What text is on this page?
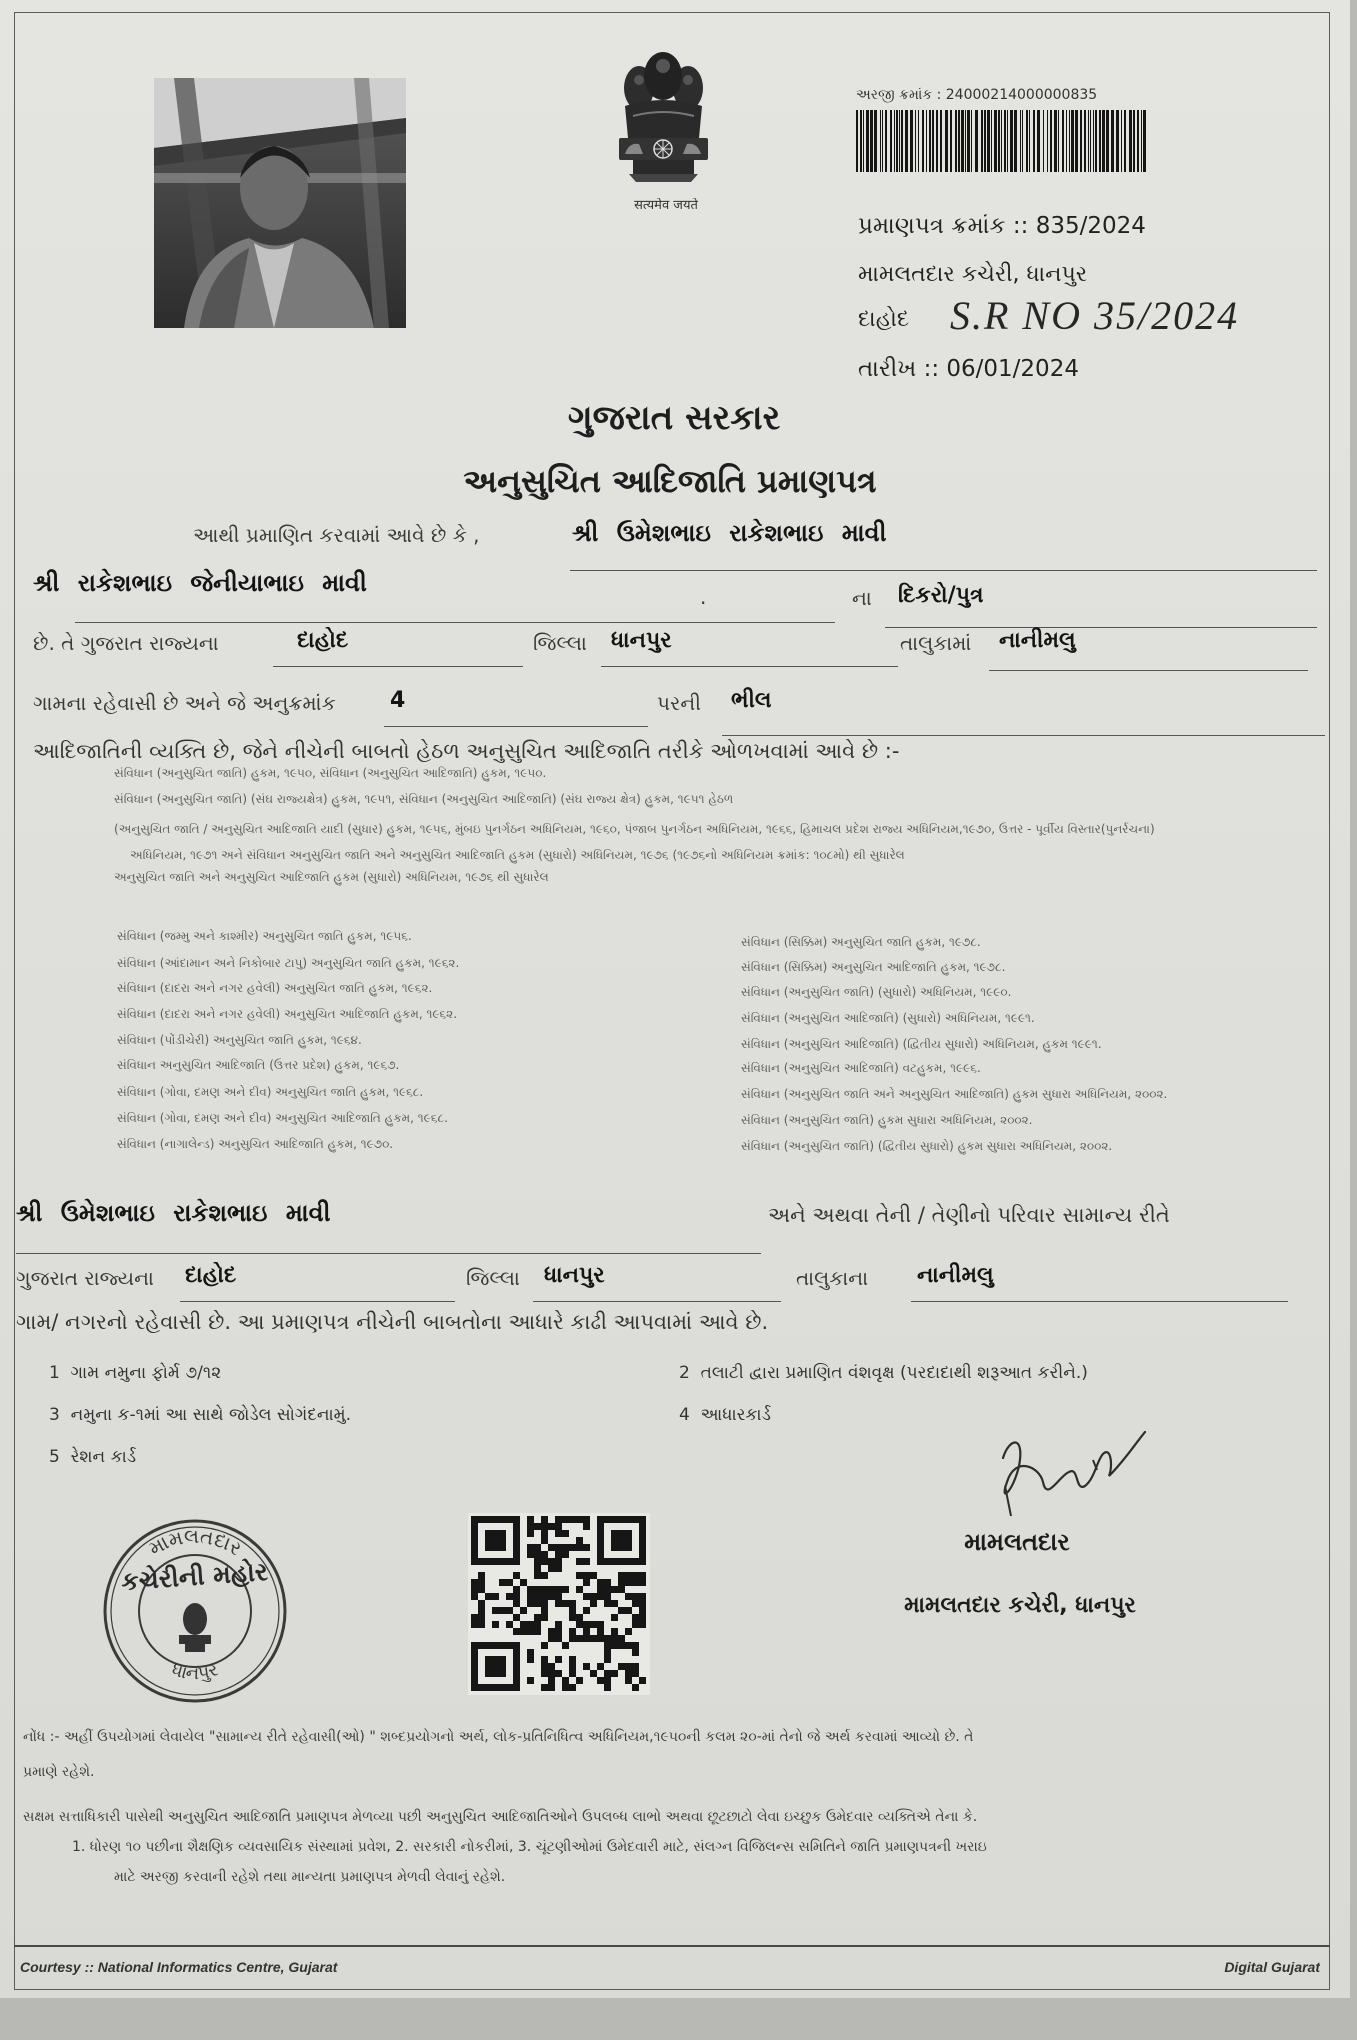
सत्यमेव जयते
અરજી ક્રમાંક : 24000214000000835
પ્રમાણપત્ર ક્રમાંક :: 835/2024
મામલતદાર કચેરી, ધાનપુર
દાહોદ	S.R NO 35/2024
તારીખ :: 06/01/2024
ગુજરાત સરકાર
અનુસુચિત આદિજાતિ પ્રમાણપત્ર
આથી પ્રમાણિત કરવામાં આવે છે કે ,	શ્રી ઉમેશભાઇ રાકેશભાઇ માવી
શ્રી રાકેશભાઇ જેનીયાભાઇ માવી	.	ના	દિકરો/પુત્ર
છે. તે ગુજરાત રાજ્યના	દાહોદ	જિલ્લા	ધાનપુર	તાલુકામાં	નાનીમલુ
ગામના રહેવાસી છે અને જે અનુક્રમાંક	4	પરની	ભીલ
આદિજાતિની વ્યક્તિ છે, જેને નીચેની બાબતો હેઠળ અનુસુચિત આદિજાતિ તરીકે ઓળખવામાં આવે છે :-
સંવિધાન (અનુસુચિત જાતિ) હુકમ, ૧૯૫૦, સંવિધાન (અનુસુચિત આદિજાતિ) હુકમ, ૧૯૫૦.
સંવિધાન (અનુસુચિત જાતિ) (સંઘ રાજ્યક્ષેત્ર) હુકમ, ૧૯૫૧, સંવિધાન (અનુસુચિત આદિજાતિ) (સંઘ રાજ્ય ક્ષેત્ર) હુકમ, ૧૯૫૧ હેઠળ
(અનુસુચિત જાતિ / અનુસુચિત આદિજાતિ યાદી (સુધાર) હુકમ, ૧૯૫૬, મુંબઇ પુનર્ગઠન અધિનિયમ, ૧૯૬૦, પંજાબ પુનર્ગઠન અધિનિયમ, ૧૯૬૬, હિમાચલ પ્રદેશ રાજ્ય અધિનિયમ,૧૯૭૦, ઉત્તર - પૂર્વીય વિસ્તાર(પુનર્રચના)
અધિનિયમ, ૧૯૭૧ અને સંવિધાન અનુસુચિત જાતિ અને અનુસુચિત આદિજાતિ હુકમ (સુધારો) અધિનિયમ, ૧૯૭૬ (૧૯૭૬નો અધિનિયમ ક્રમાંક: ૧૦૮મો) થી સુધારેલ
અનુસુચિત જાતિ અને અનુસુચિત આદિજાતિ હુકમ (સુધારો) અધિનિયમ, ૧૯૭૬ થી સુધારેલ
સંવિધાન (જમ્મુ અને કાશ્મીર) અનુસુચિત જાતિ હુકમ, ૧૯૫૬.
સંવિધાન (આંદામાન અને નિકોબાર ટાપુ) અનુસુચિત જાતિ હુકમ, ૧૯૬૨.
સંવિધાન (દાદરા અને નગર હવેલી) અનુસુચિત જાતિ હુકમ, ૧૯૬૨.
સંવિધાન (દાદરા અને નગર હવેલી) અનુસુચિત આદિજાતિ હુકમ, ૧૯૬૨.
સંવિધાન (પોંડીચેરી) અનુસુચિત જાતિ હુકમ, ૧૯૬૪.
સંવિધાન અનુસુચિત આદિજાતિ (ઉત્તર પ્રદેશ) હુકમ, ૧૯૬૭.
સંવિધાન (ગોવા, દમણ અને દીવ) અનુસુચિત જાતિ હુકમ, ૧૯૬૮.
સંવિધાન (ગોવા, દમણ અને દીવ) અનુસુચિત આદિજાતિ હુકમ, ૧૯૬૮.
સંવિધાન (નાગાલેન્ડ) અનુસુચિત આદિજાતિ હુકમ, ૧૯૭૦.
સંવિધાન (સિક્કિમ) અનુસુચિત જાતિ હુકમ, ૧૯૭૮.
સંવિધાન (સિક્કિમ) અનુસુચિત આદિજાતિ હુકમ, ૧૯૭૮.
સંવિધાન (અનુસુચિત જાતિ) (સુધારો) અધિનિયમ, ૧૯૯૦.
સંવિધાન (અનુસુચિત આદિજાતિ) (સુધારો) અધિનિયમ, ૧૯૯૧.
સંવિધાન (અનુસુચિત આદિજાતિ) (દ્વિતીય સુધારો) અધિનિયમ, હુકમ ૧૯૯૧.
સંવિધાન (અનુસુચિત આદિજાતિ) વટહુકમ, ૧૯૯૬.
સંવિધાન (અનુસુચિત જાતિ અને અનુસુચિત આદિજાતિ) હુકમ સુધારા અધિનિયમ, ૨૦૦૨.
સંવિધાન (અનુસુચિત જાતિ) હુકમ સુધારા અધિનિયમ, ૨૦૦૨.
સંવિધાન (અનુસુચિત જાતિ) (દ્વિતીય સુધારો) હુકમ સુધારા અધિનિયમ, ૨૦૦૨.
શ્રી ઉમેશભાઇ રાકેશભાઇ માવી	અને અથવા તેની / તેણીનો પરિવાર સામાન્ય રીતે
ગુજરાત રાજ્યના	દાહોદ	જિલ્લા	ધાનપુર	તાલુકાના	નાનીમલુ
ગામ/ નગરનો રહેવાસી છે. આ પ્રમાણપત્ર નીચેની બાબતોના આધારે કાઢી આપવામાં આવે છે.
1 ગામ નમુના ફોર્મ ૭/૧૨	2 તલાટી દ્વારા પ્રમાણિત વંશવૃક્ષ (પરદાદાથી શરૂઆત કરીને.)
3 નમુના ક-૧માં આ સાથે જોડેલ સોગંદનામું.	4 આધારકાર્ડ
5 રેશન કાર્ડ
મામલતદાર
મામલતદાર કચેરી, ધાનપુર
મામલતદાર
કચેરીની મહોર
ધાનપુર
નોંધ :- અહીં ઉપયોગમાં લેવાયેલ "સામાન્ય રીતે રહેવાસી(ઓ) " શબ્દપ્રયોગનો અર્થ, લોક-પ્રતિનિધિત્વ અધિનિયમ,૧૯૫૦ની કલમ ૨૦-માં તેનો જે અર્થ કરવામાં આવ્યો છે. તે
પ્રમાણે રહેશે.
સક્ષમ સત્તાધિકારી પાસેથી અનુસુચિત આદિજાતિ પ્રમાણપત્ર મેળવ્યા પછી અનુસુચિત આદિજાતિઓને ઉપલબ્ધ લાભો અથવા છૂટછાટો લેવા ઇચ્છુક ઉમેદવાર વ્યક્તિએ તેના કે.
1. ધોરણ ૧૦ પછીના શૈક્ષણિક વ્યવસાયિક સંસ્થામાં પ્રવેશ, 2. સરકારી નોકરીમાં, 3. ચૂંટણીઓમાં ઉમેદવારી માટે, સંલગ્ન વિજિલન્સ સમિતિને જાતિ પ્રમાણપત્રની ખરાઇ
માટે અરજી કરવાની રહેશે તથા માન્યતા પ્રમાણપત્ર મેળવી લેવાનું રહેશે.
Courtesy :: National Informatics Centre, Gujarat	Digital Gujarat
